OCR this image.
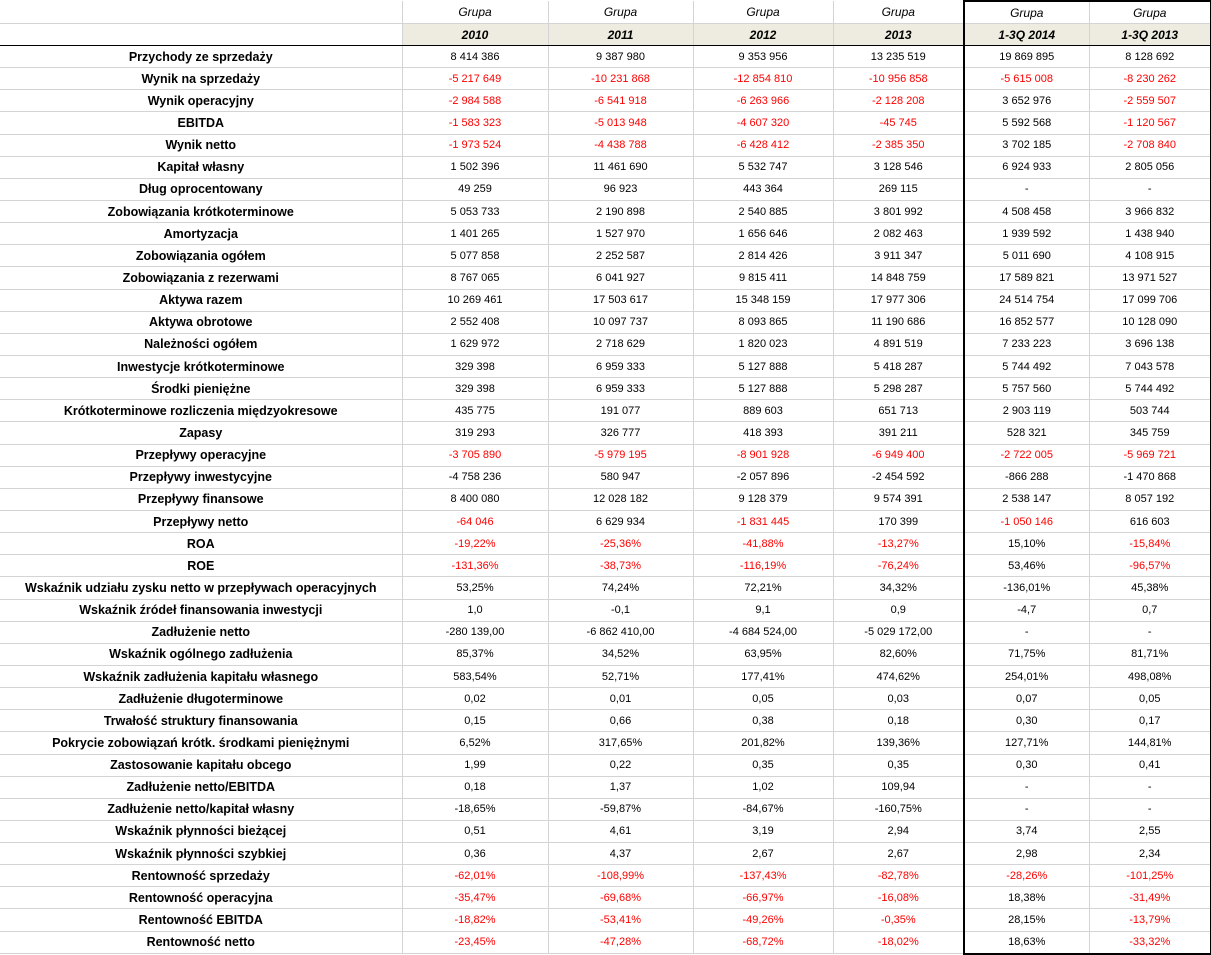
	Grupa	Grupa	Grupa	Grupa	Grupa	Grupa
	2010	2011	2012	2013	1-3Q 2014	1-3Q 2013
Przychody ze sprzedaży	8 414 386	9 387 980	9 353 956	13 235 519	19 869 895	8 128 692
Wynik na sprzedaży	-5 217 649	-10 231 868	-12 854 810	-10 956 858	-5 615 008	-8 230 262
Wynik operacyjny	-2 984 588	-6 541 918	-6 263 966	-2 128 208	3 652 976	-2 559 507
EBITDA	-1 583 323	-5 013 948	-4 607 320	-45 745	5 592 568	-1 120 567
Wynik netto	-1 973 524	-4 438 788	-6 428 412	-2 385 350	3 702 185	-2 708 840
Kapitał własny	1 502 396	11 461 690	5 532 747	3 128 546	6 924 933	2 805 056
Dług oprocentowany	49 259	96 923	443 364	269 115	-	-
Zobowiązania krótkoterminowe	5 053 733	2 190 898	2 540 885	3 801 992	4 508 458	3 966 832
Amortyzacja	1 401 265	1 527 970	1 656 646	2 082 463	1 939 592	1 438 940
Zobowiązania ogółem	5 077 858	2 252 587	2 814 426	3 911 347	5 011 690	4 108 915
Zobowiązania z rezerwami	8 767 065	6 041 927	9 815 411	14 848 759	17 589 821	13 971 527
Aktywa razem	10 269 461	17 503 617	15 348 159	17 977 306	24 514 754	17 099 706
Aktywa obrotowe	2 552 408	10 097 737	8 093 865	11 190 686	16 852 577	10 128 090
Należności ogółem	1 629 972	2 718 629	1 820 023	4 891 519	7 233 223	3 696 138
Inwestycje krótkoterminowe	329 398	6 959 333	5 127 888	5 418 287	5 744 492	7 043 578
Środki pieniężne	329 398	6 959 333	5 127 888	5 298 287	5 757 560	5 744 492
Krótkoterminowe rozliczenia międzyokresowe	435 775	191 077	889 603	651 713	2 903 119	503 744
Zapasy	319 293	326 777	418 393	391 211	528 321	345 759
Przepływy operacyjne	-3 705 890	-5 979 195	-8 901 928	-6 949 400	-2 722 005	-5 969 721
Przepływy inwestycyjne	-4 758 236	580 947	-2 057 896	-2 454 592	-866 288	-1 470 868
Przepływy finansowe	8 400 080	12 028 182	9 128 379	9 574 391	2 538 147	8 057 192
Przepływy netto	-64 046	6 629 934	-1 831 445	170 399	-1 050 146	616 603
ROA	-19,22%	-25,36%	-41,88%	-13,27%	15,10%	-15,84%
ROE	-131,36%	-38,73%	-116,19%	-76,24%	53,46%	-96,57%
Wskaźnik udziału zysku netto w przepływach operacyjnych	53,25%	74,24%	72,21%	34,32%	-136,01%	45,38%
Wskaźnik źródeł finansowania inwestycji	1,0	-0,1	9,1	0,9	-4,7	0,7
Zadłużenie netto	-280 139,00	-6 862 410,00	-4 684 524,00	-5 029 172,00	-	-
Wskaźnik ogólnego zadłużenia	85,37%	34,52%	63,95%	82,60%	71,75%	81,71%
Wskaźnik zadłużenia kapitału własnego	583,54%	52,71%	177,41%	474,62%	254,01%	498,08%
Zadłużenie długoterminowe	0,02	0,01	0,05	0,03	0,07	0,05
Trwałość struktury finansowania	0,15	0,66	0,38	0,18	0,30	0,17
Pokrycie zobowiązań krótk. środkami pieniężnymi	6,52%	317,65%	201,82%	139,36%	127,71%	144,81%
Zastosowanie kapitału obcego	1,99	0,22	0,35	0,35	0,30	0,41
Zadłużenie netto/EBITDA	0,18	1,37	1,02	109,94	-	-
Zadłużenie netto/kapitał własny	-18,65%	-59,87%	-84,67%	-160,75%	-	-
Wskaźnik płynności bieżącej	0,51	4,61	3,19	2,94	3,74	2,55
Wskaźnik płynności szybkiej	0,36	4,37	2,67	2,67	2,98	2,34
Rentowność sprzedaży	-62,01%	-108,99%	-137,43%	-82,78%	-28,26%	-101,25%
Rentowność operacyjna	-35,47%	-69,68%	-66,97%	-16,08%	18,38%	-31,49%
Rentowność EBITDA	-18,82%	-53,41%	-49,26%	-0,35%	28,15%	-13,79%
Rentowność netto	-23,45%	-47,28%	-68,72%	-18,02%	18,63%	-33,32%
